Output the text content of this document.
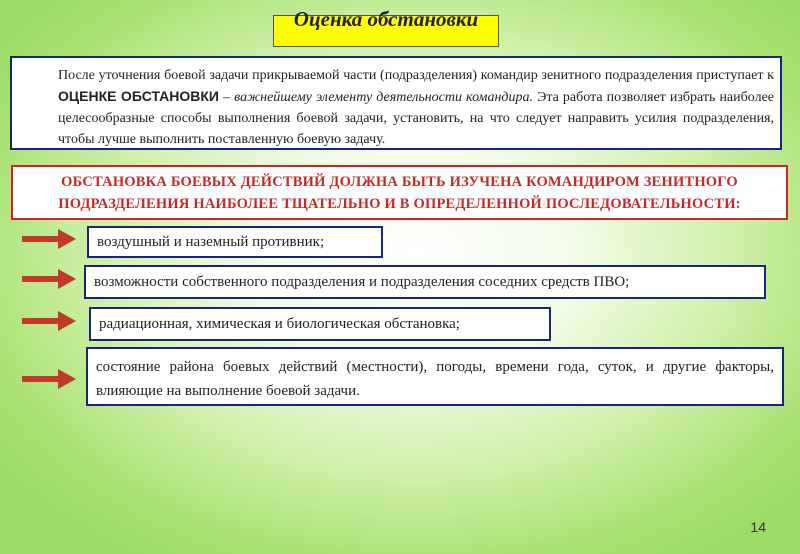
Оценка обстановки
После уточнения боевой задачи прикрываемой части (подразделения) командир зенитного подразделения приступает к ОЦЕНКЕ ОБСТАНОВКИ – важнейшему элементу деятельности командира. Эта работа позволяет избрать наиболее целесообразные способы выполнения боевой задачи, установить, на что следует направить усилия подразделения, чтобы лучше выполнить поставленную боевую задачу.
ОБСТАНОВКА БОЕВЫХ ДЕЙСТВИЙ ДОЛЖНА БЫТЬ ИЗУЧЕНА КОМАНДИРОМ ЗЕНИТНОГО ПОДРАЗДЕЛЕНИЯ НАИБОЛЕЕ ТЩАТЕЛЬНО И В ОПРЕДЕЛЕННОЙ ПОСЛЕДОВАТЕЛЬНОСТИ:
воздушный и наземный противник;
возможности собственного подразделения и подразделения соседних средств ПВО;
радиационная, химическая и биологическая обстановка;
состояние района боевых действий (местности), погоды, времени года, суток, и другие факторы, влияющие на выполнение боевой задачи.
14
